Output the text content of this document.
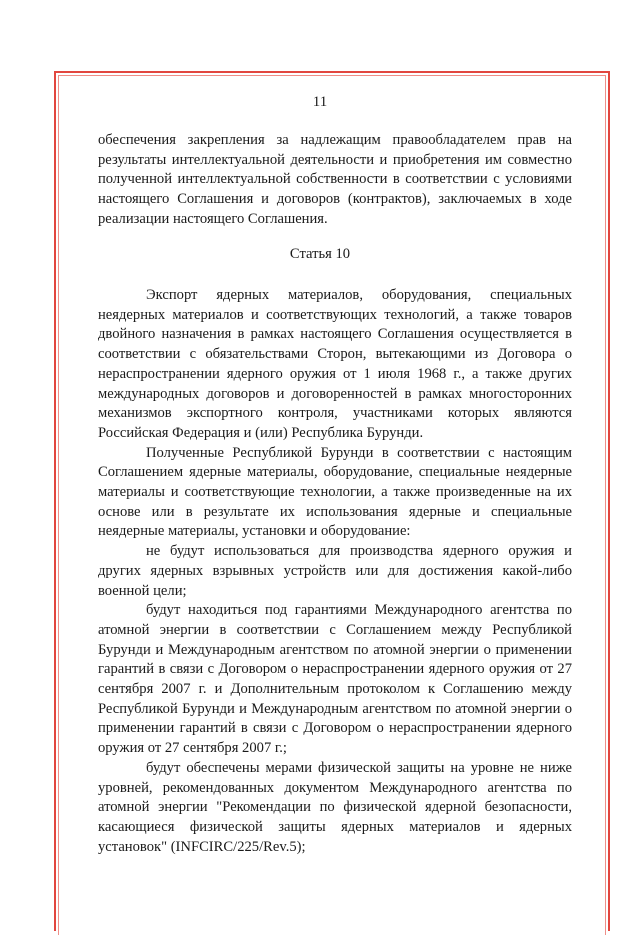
11

обеспечения закрепления за надлежащим правообладателем прав на результаты интеллектуальной деятельности и приобретения им совместно полученной интеллектуальной собственности в соответствии с условиями настоящего Соглашения и договоров (контрактов), заключаемых в ходе реализации настоящего Соглашения.

Статья 10

Экспорт ядерных материалов, оборудования, специальных неядерных материалов и соответствующих технологий, а также товаров двойного назначения в рамках настоящего Соглашения осуществляется в соответствии с обязательствами Сторон, вытекающими из Договора о нераспространении ядерного оружия от 1 июля 1968 г., а также других международных договоров и договоренностей в рамках многосторонних механизмов экспортного контроля, участниками которых являются Российская Федерация и (или) Республика Бурунди.

Полученные Республикой Бурунди в соответствии с настоящим Соглашением ядерные материалы, оборудование, специальные неядерные материалы и соответствующие технологии, а также произведенные на их основе или в результате их использования ядерные и специальные неядерные материалы, установки и оборудование:

не будут использоваться для производства ядерного оружия и других ядерных взрывных устройств или для достижения какой-либо военной цели;

будут находиться под гарантиями Международного агентства по атомной энергии в соответствии с Соглашением между Республикой Бурунди и Международным агентством по атомной энергии о применении гарантий в связи с Договором о нераспространении ядерного оружия от 27 сентября 2007 г. и Дополнительным протоколом к Соглашению между Республикой Бурунди и Международным агентством по атомной энергии о применении гарантий в связи с Договором о нераспространении ядерного оружия от 27 сентября 2007 г.;

будут обеспечены мерами физической защиты на уровне не ниже уровней, рекомендованных документом Международного агентства по атомной энергии "Рекомендации по физической ядерной безопасности, касающиеся физической защиты ядерных материалов и ядерных установок" (INFCIRC/225/Rev.5);
